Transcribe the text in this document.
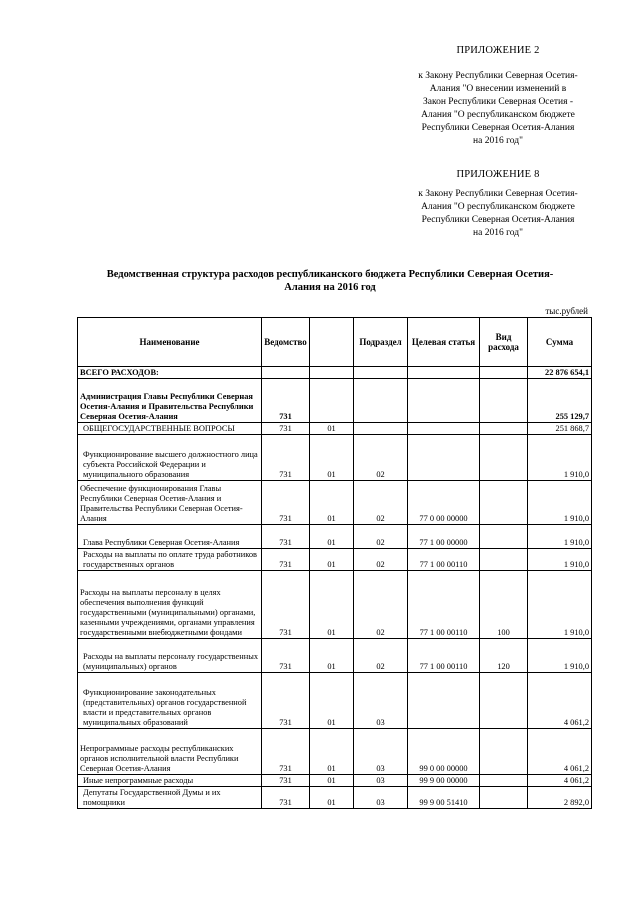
ПРИЛОЖЕНИЕ 2
к Закону Республики Северная Осетия-
Алания "О внесении изменений в
Закон Республики Северная Осетия -
Алания "О республиканском бюджете
Республики Северная Осетия-Алания
на 2016 год"
ПРИЛОЖЕНИЕ 8
к Закону Республики Северная Осетия-
Алания "О республиканском бюджете
Республики Северная Осетия-Алания
на 2016 год"
Ведомственная структура расходов республиканского бюджета Республики Северная Осетия-
Алания на 2016 год
тыс.рублей
Наименование	Ведомство		Подраздел	Целевая статья	Вид расхода	Сумма
ВСЕГО РАСХОДОВ:						22 876 654,1
Администрация Главы Республики Северная Осетия-Алания и Правительства Республики Северная Осетия-Алания	731					255 129,7
ОБЩЕГОСУДАРСТВЕННЫЕ ВОПРОСЫ	731	01				251 868,7
Функционирование высшего должностного лица субъекта Российской Федерации и муниципального образования	731	01	02			1 910,0
Обеспечение функционирования Главы Республики Северная Осетия-Алания и Правительства Республики Северная Осетия-Алания	731	01	02	77 0 00 00000		1 910,0
Глава Республики Северная Осетия-Алания	731	01	02	77 1 00 00000		1 910,0
Расходы на выплаты по оплате труда работников государственных органов	731	01	02	77 1 00 00110		1 910,0
Расходы на выплаты персоналу в целях обеспечения выполнения функций государственными (муниципальными) органами, казенными учреждениями, органами управления государственными внебюджетными фондами	731	01	02	77 1 00 00110	100	1 910,0
Расходы на выплаты персоналу государственных (муниципальных) органов	731	01	02	77 1 00 00110	120	1 910,0
Функционирование законодательных (представительных) органов государственной власти и представительных органов муниципальных образований	731	01	03			4 061,2
Непрограммные расходы республиканских органов исполнительной власти Республики Северная Осетия-Алания	731	01	03	99 0 00 00000		4 061,2
Иные непрограммные расходы	731	01	03	99 9 00 00000		4 061,2
Депутаты Государственной Думы и их помощники	731	01	03	99 9 00 51410		2 892,0
